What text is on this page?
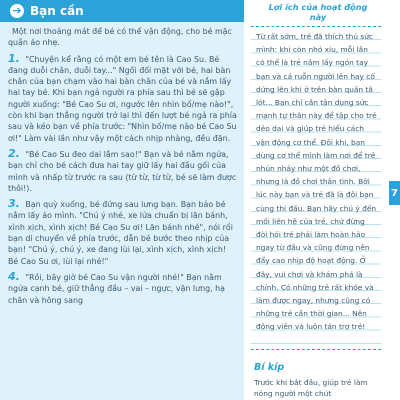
➔ Bạn cần

Một nơi thoáng mát để bé có thể vận động, cho bé mặc quần áo nhẹ.

1. "Chuyện kể rằng có một em bé tên là Cao Su. Bé đang duỗi chân, duỗi tay..." Ngồi đối mặt với bé, hai bàn chân của bạn chạm vào hai bàn chân của bé và nắm lấy hai tay bé. Khi bạn ngả người ra phía sau thì bé sẽ gập người xuống: "Bé Cao Su ơi, ngước lên nhìn bố/mẹ nào!", còn khi bạn thẳng người trở lại thì đến lượt bé ngả ra phía sau và kéo bạn về phía trước: "Nhìn bố/mẹ nào bé Cao Su ơi!" Làm vài lần như vậy một cách nhịp nhàng, đều đặn.

2. "Bé Cao Su đeo dai lắm sao!" Bạn và bé nằm ngửa, bạn chỉ cho bé cách đưa hai tay giữ lấy hai đầu gối của mình và nhấp từ trước ra sau (từ từ, từ từ, bé sẽ làm được thôi!).

3. Bạn quỳ xuống, bé đứng sau lưng bạn. Bạn bảo bé nắm lấy áo mình. "Chú ý nhé, xe lửa chuẩn bị lăn bánh, xình xịch, xình xịch! Bé Cao Su ơi! Lăn bánh nhé", nói rồi bạn di chuyển về phía trước, dẫn bé bước theo nhịp của bạn! "Chú ý, chú ý, xe đang lùi lại, xình xịch, xình xịch! Bé Cao Su ơi, lùi lại nhé!"

4. "Rồi, bây giờ bé Cao Su vận người nhé!" Bạn nằm ngửa cạnh bé, giữ thẳng đầu – vai – ngực, vặn lưng, hạ chân và hông sang

Lợi ích của hoạt động này

Từ rất sớm, trẻ đã thích thú sức mình: khi còn nhỏ xíu, mỗi lần có thể là trẻ nâm lấy ngón tay bạn và cả ruỗn người lên hay cố dứng lên khi ở trên bàn quấn tã lót... Bạn chỉ cần tận dụng sức mạnh tự thân này để tập cho trẻ dẻo dai và giúp trẻ hiểu cách vận động cơ thể. Đôi khi, bạn dùng cơ thể mình làm nơi để trẻ nhún nhảy như một đồ chơi, nhưng là đồ chơi thân tình. Bởi lúc này bạn và trẻ đã là đôi bạn cùng thi đấu. Bạn hãy chú ý đến mối liên hệ của trẻ, chứ đừng đòi hỏi trẻ phải làm hoàn hảo ngay từ đầu và cũng đừng nên đẩy cao nhịp độ hoạt động. Ở đây, vui chơi và khám phá là chính. Có những trẻ rất khỏe và làm được ngay, nhưng cũng có những trẻ cần thời gian... Nên động viên và luôn tán trợ trẻ!

Bí kíp
Trước khi bắt đầu, giúp trẻ làm nóng người một chút
7
